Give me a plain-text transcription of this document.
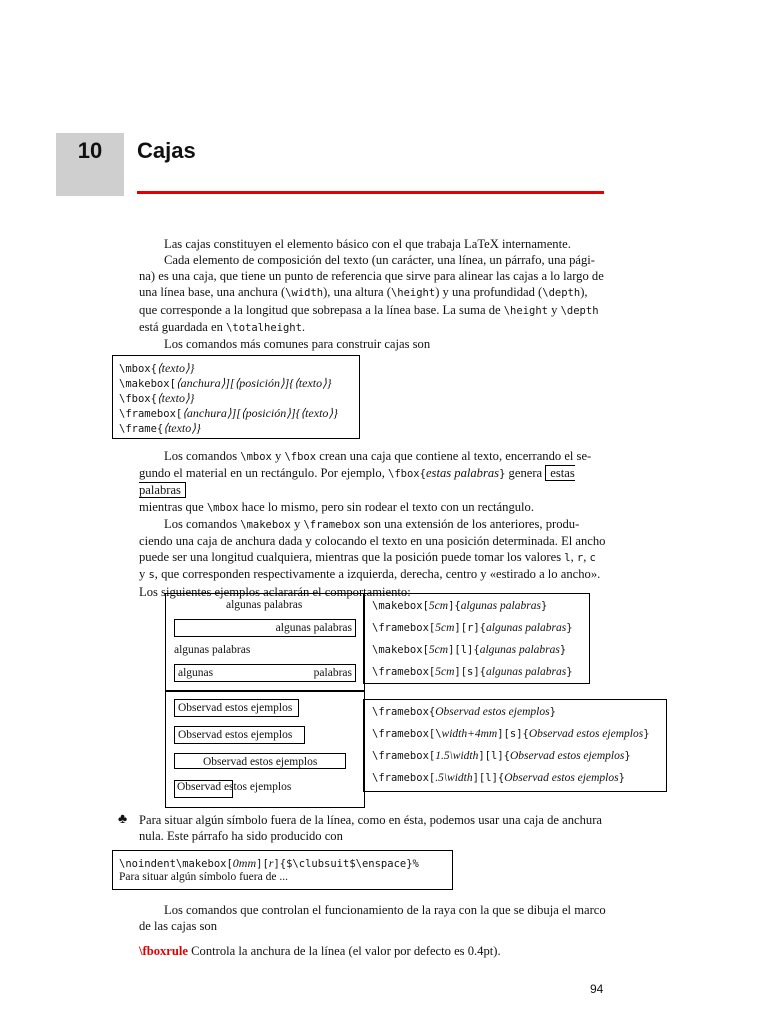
10	Cajas
Las cajas constituyen el elemento básico con el que trabaja LaTeX internamente.
Cada elemento de composición del texto (un carácter, una línea, un párrafo, una pági-
na) es una caja, que tiene un punto de referencia que sirve para alinear las cajas a lo largo de
una línea base, una anchura (\width), una altura (\height) y una profundidad (\depth),
que corresponde a la longitud que sobrepasa a la línea base. La suma de \height y \depth
está guardada en \totalheight.
Los comandos más comunes para construir cajas son
\mbox{⟨texto⟩}
\makebox[⟨anchura⟩][⟨posición⟩]{⟨texto⟩}
\fbox{⟨texto⟩}
\framebox[⟨anchura⟩][⟨posición⟩]{⟨texto⟩}
\frame{⟨texto⟩}
Los comandos \mbox y \fbox crean una caja que contiene al texto, encerrando el se-
gundo el material en un rectángulo. Por ejemplo, \fbox{estas palabras} genera estas palabras
mientras que \mbox hace lo mismo, pero sin rodear el texto con un rectángulo.
Los comandos \makebox y \framebox son una extensión de los anteriores, produ-
ciendo una caja de anchura dada y colocando el texto en una posición determinada. El ancho
puede ser una longitud cualquiera, mientras que la posición puede tomar los valores l, r, c
y s, que corresponden respectivamente a izquierda, derecha, centro y «estirado a lo ancho».
Los siguientes ejemplos aclararán el comportamiento:
algunas palabras
algunas palabras
algunas palabras
algunas	palabras
\makebox[5cm]{algunas palabras}
\framebox[5cm][r]{algunas palabras}
\makebox[5cm][l]{algunas palabras}
\framebox[5cm][s]{algunas palabras}
Observad estos ejemplos
Observad estos ejemplos
Observad estos ejemplos
Observad estos ejemplos
\framebox{Observad estos ejemplos}
\framebox[\width+4mm][s]{Observad estos ejemplos}
\framebox[1.5\width][l]{Observad estos ejemplos}
\framebox[.5\width][l]{Observad estos ejemplos}
♣ Para situar algún símbolo fuera de la línea, como en ésta, podemos usar una caja de anchura
nula. Este párrafo ha sido producido con
\noindent\makebox[0mm][r]{$\clubsuit$\enspace}%
Para situar algún símbolo fuera de ...
Los comandos que controlan el funcionamiento de la raya con la que se dibuja el marco
de las cajas son
\fboxrule Controla la anchura de la línea (el valor por defecto es 0.4pt).
94
